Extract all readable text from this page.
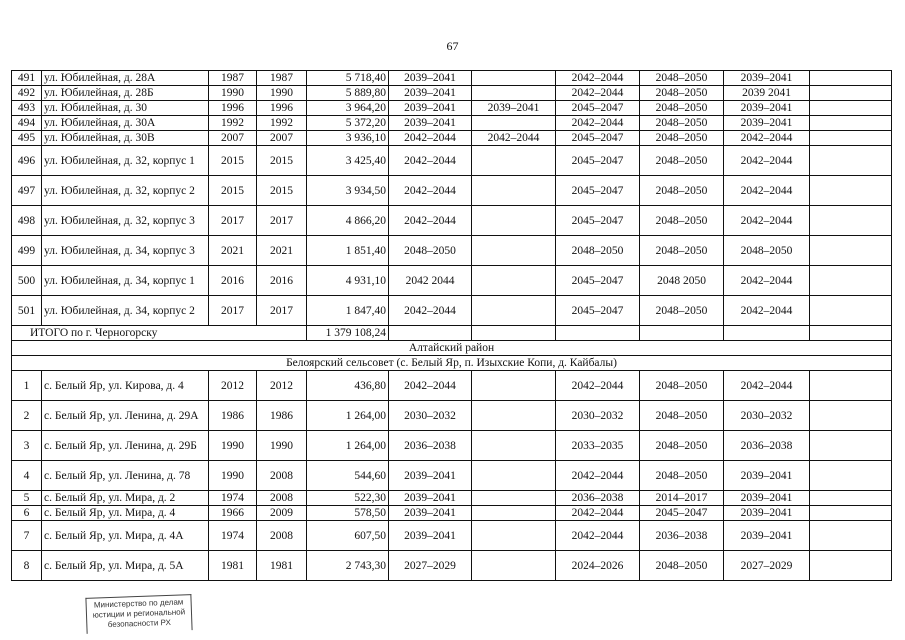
67
491	ул. Юбилейная, д. 28А	1987	1987	5 718,40	2039–2041		2042–2044	2048–2050	2039–2041	
492	ул. Юбилейная, д. 28Б	1990	1990	5 889,80	2039–2041		2042–2044	2048–2050	2039 2041	
493	ул. Юбилейная, д. 30	1996	1996	3 964,20	2039–2041	2039–2041	2045–2047	2048–2050	2039–2041	
494	ул. Юбилейная, д. 30А	1992	1992	5 372,20	2039–2041		2042–2044	2048–2050	2039–2041	
495	ул. Юбилейная, д. 30В	2007	2007	3 936,10	2042–2044	2042–2044	2045–2047	2048–2050	2042–2044	
496	ул. Юбилейная, д. 32, корпус 1	2015	2015	3 425,40	2042–2044		2045–2047	2048–2050	2042–2044	
497	ул. Юбилейная, д. 32, корпус 2	2015	2015	3 934,50	2042–2044		2045–2047	2048–2050	2042–2044	
498	ул. Юбилейная, д. 32, корпус 3	2017	2017	4 866,20	2042–2044		2045–2047	2048–2050	2042–2044	
499	ул. Юбилейная, д. 34, корпус 3	2021	2021	1 851,40	2048–2050		2048–2050	2048–2050	2048–2050	
500	ул. Юбилейная, д. 34, корпус 1	2016	2016	4 931,10	2042 2044		2045–2047	2048 2050	2042–2044	
501	ул. Юбилейная, д. 34, корпус 2	2017	2017	1 847,40	2042–2044		2045–2047	2048–2050	2042–2044	
ИТОГО по г. Черногорску				1 379 108,24						
Алтайский район										
Белоярский сельсовет (с. Белый Яр, п. Изыхские Копи, д. Кайбалы)										
1	с. Белый Яр, ул. Кирова, д. 4	2012	2012	436,80	2042–2044		2042–2044	2048–2050	2042–2044	
2	с. Белый Яр, ул. Ленина, д. 29А	1986	1986	1 264,00	2030–2032		2030–2032	2048–2050	2030–2032	
3	с. Белый Яр, ул. Ленина, д. 29Б	1990	1990	1 264,00	2036–2038		2033–2035	2048–2050	2036–2038	
4	с. Белый Яр, ул. Ленина, д. 78	1990	2008	544,60	2039–2041		2042–2044	2048–2050	2039–2041	
5	с. Белый Яр, ул. Мира, д. 2	1974	2008	522,30	2039–2041		2036–2038	2014–2017	2039–2041	
6	с. Белый Яр, ул. Мира, д. 4	1966	2009	578,50	2039–2041		2042–2044	2045–2047	2039–2041	
7	с. Белый Яр, ул. Мира, д. 4А	1974	2008	607,50	2039–2041		2042–2044	2036–2038	2039–2041	
8	с. Белый Яр, ул. Мира, д. 5А	1981	1981	2 743,30	2027–2029		2024–2026	2048–2050	2027–2029	
Министерство по делам
юстиции и региональной
безопасности РХ
